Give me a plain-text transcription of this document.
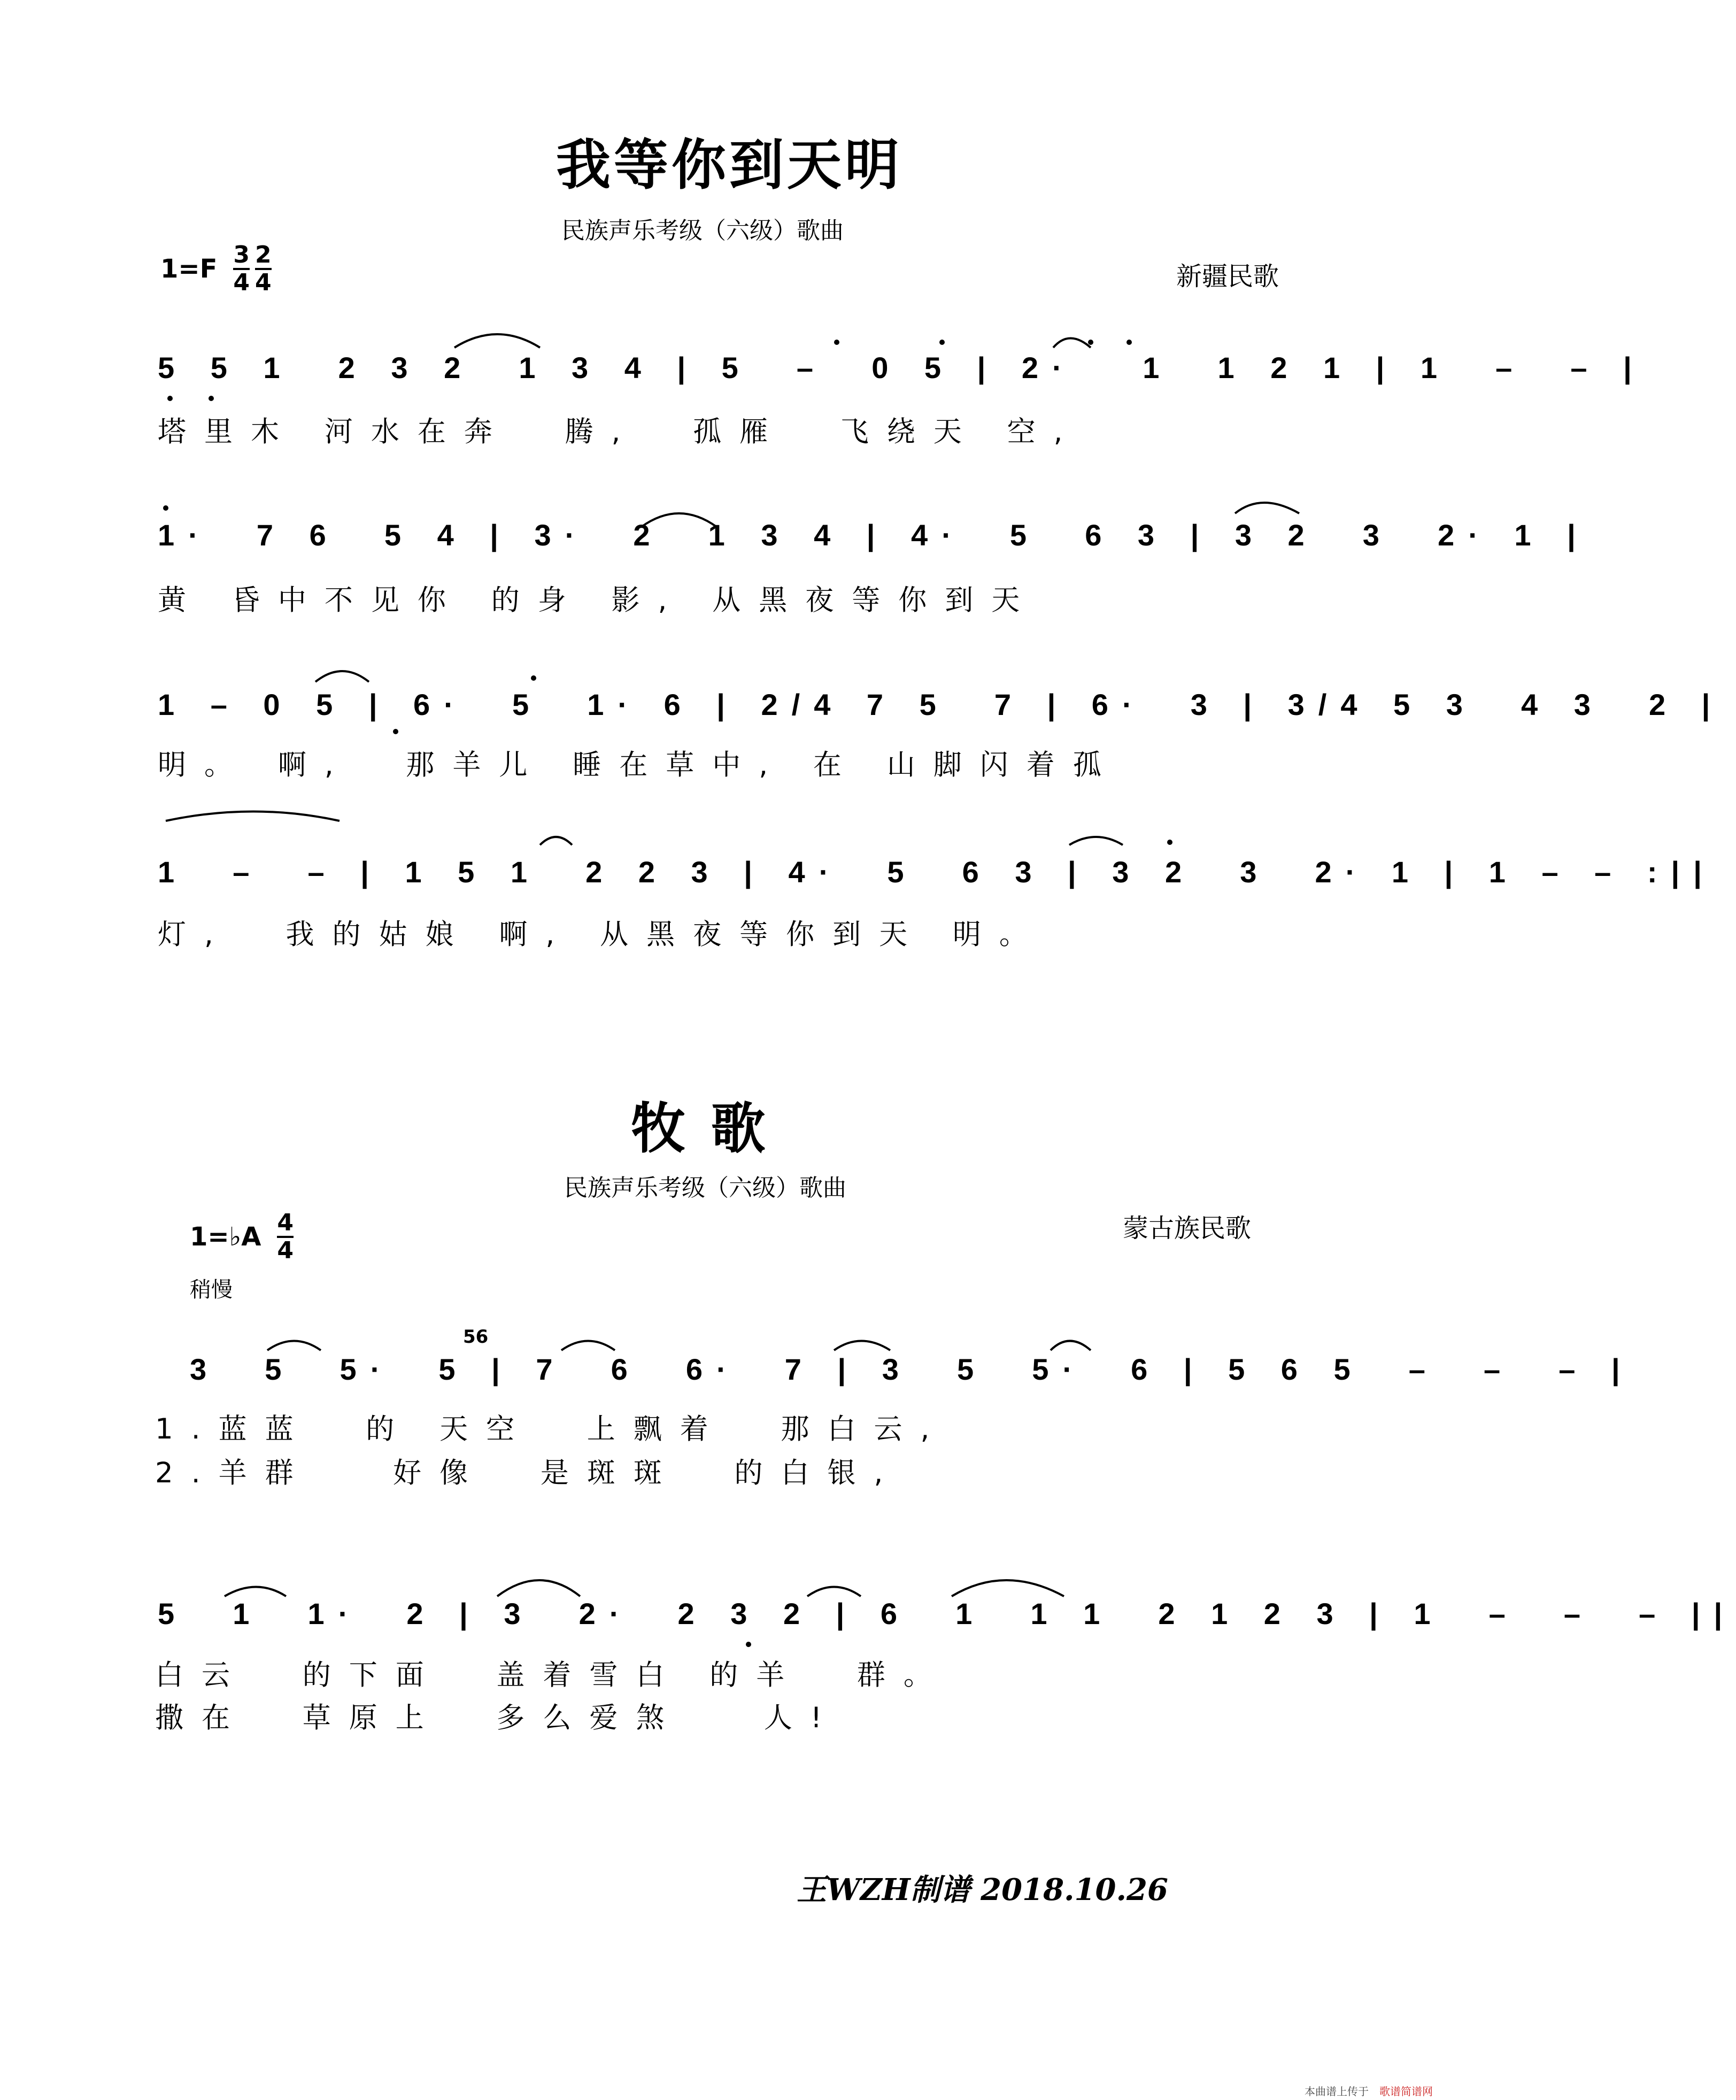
我等你到天明
民族声乐考级（六级）歌曲
1=F 3
4
2
4	新疆民歌
5 5 1  2 3 2  1 3 4 | 5  –  0 5 | 2·   1  1 2 1 | 1  –  – |
塔里木 河水在奔  腾,  孤雁  飞绕天 空,
1·  7 6  5 4 | 3·  2  1 3 4 | 4·  5  6 3 | 3 2  3  2· 1 |
黄 昏中不见你 的身 影, 从黑夜等你到天
1 – 0 5 | 6·  5  1· 6 | 2/4 7 5  7 | 6·  3 | 3/4 5 3  4 3  2 |
明。 啊,  那羊儿 睡在草中, 在 山脚闪着孤
1  –  – | 1 5 1  2 2 3 | 4·  5  6 3 | 3 2  3  2· 1 | 1 – – :||
灯,  我的姑娘 啊, 从黑夜等你到天 明。
牧 歌
民族声乐考级（六级）歌曲
1=♭A 4
4
蒙古族民歌
稍慢
56
3  5  5·  5 | 7  6  6·  7 | 3  5  5·  6 | 5 6 5  –  –  – |
1.蓝蓝  的 天空  上飘着  那白云,
2.羊群   好像  是斑斑  的白银,
5  1  1·  2 | 3  2·  2 3 2 | 6  1  1 1  2 1 2 3 | 1  –  –  – ||
白云  的下面  盖着雪白 的羊  群。
撒在  草原上  多么爱煞   人!
王WZH制谱 2018.10.26
本曲谱上传于 歌谱简谱网
